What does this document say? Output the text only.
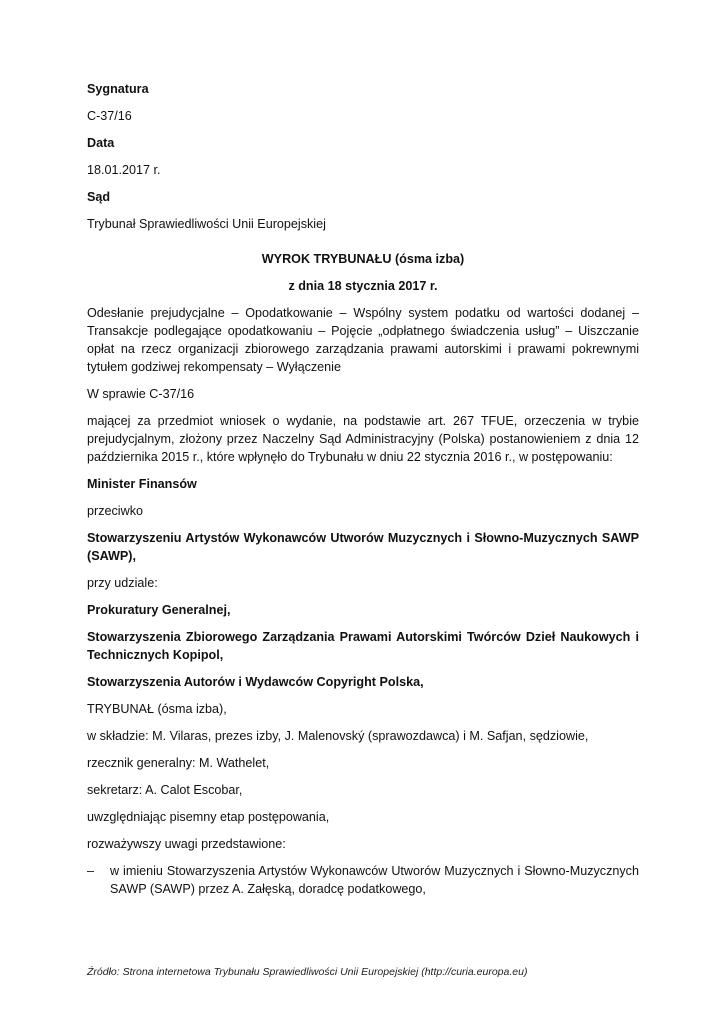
Sygnatura

C-37/16

Data

18.01.2017 r.

Sąd

Trybunał Sprawiedliwości Unii Europejskiej

WYROK TRYBUNAŁU (ósma izba)

z dnia 18 stycznia 2017 r.

Odesłanie prejudycjalne – Opodatkowanie – Wspólny system podatku od wartości dodanej – Transakcje podlegające opodatkowaniu – Pojęcie „odpłatnego świadczenia usług” – Uiszczanie opłat na rzecz organizacji zbiorowego zarządzania prawami autorskimi i prawami pokrewnymi tytułem godziwej rekompensaty – Wyłączenie

W sprawie C-37/16

mającej za przedmiot wniosek o wydanie, na podstawie art. 267 TFUE, orzeczenia w trybie prejudycjalnym, złożony przez Naczelny Sąd Administracyjny (Polska) postanowieniem z dnia 12 października 2015 r., które wpłynęło do Trybunału w dniu 22 stycznia 2016 r., w postępowaniu:

Minister Finansów

przeciwko

Stowarzyszeniu Artystów Wykonawców Utworów Muzycznych i Słowno-Muzycznych SAWP (SAWP),

przy udziale:

Prokuratury Generalnej,

Stowarzyszenia Zbiorowego Zarządzania Prawami Autorskimi Twórców Dzieł Naukowych i Technicznych Kopipol,

Stowarzyszenia Autorów i Wydawców Copyright Polska,

TRYBUNAŁ (ósma izba),

w składzie: M. Vilaras, prezes izby, J. Malenovský (sprawozdawca) i M. Safjan, sędziowie,

rzecznik generalny: M. Wathelet,

sekretarz: A. Calot Escobar,

uwzględniając pisemny etap postępowania,

rozważywszy uwagi przedstawione:

– w imieniu Stowarzyszenia Artystów Wykonawców Utworów Muzycznych i Słowno-Muzycznych SAWP (SAWP) przez A. Załęską, doradcę podatkowego,
Źródło: Strona internetowa Trybunału Sprawiedliwości Unii Europejskiej (http://curia.europa.eu)
